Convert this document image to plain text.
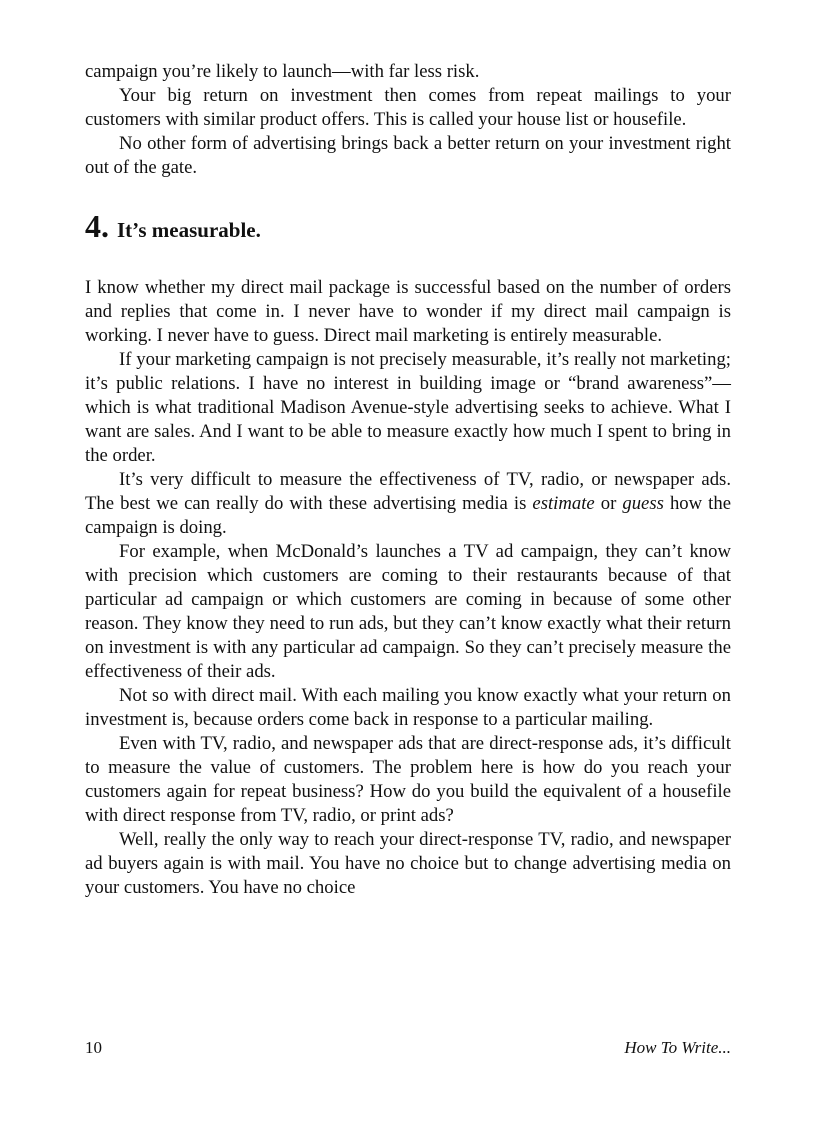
campaign you’re likely to launch—with far less risk.

Your big return on investment then comes from repeat mailings to your customers with similar product offers. This is called your house list or housefile.

No other form of advertising brings back a better return on your investment right out of the gate.

4. It’s measurable.

I know whether my direct mail package is successful based on the number of orders and replies that come in. I never have to wonder if my direct mail campaign is working. I never have to guess. Direct mail marketing is entirely measurable.

If your marketing campaign is not precisely measurable, it’s really not marketing; it’s public relations. I have no interest in building image or “brand awareness”—which is what traditional Madison Avenue-style advertising seeks to achieve. What I want are sales. And I want to be able to measure exactly how much I spent to bring in the order.

It’s very difficult to measure the effectiveness of TV, radio, or newspaper ads. The best we can really do with these advertising media is estimate or guess how the campaign is doing.

For example, when McDonald’s launches a TV ad campaign, they can’t know with precision which customers are coming to their restaurants because of that particular ad campaign or which customers are coming in because of some other reason. They know they need to run ads, but they can’t know exactly what their return on investment is with any particular ad campaign. So they can’t precisely measure the effectiveness of their ads.

Not so with direct mail. With each mailing you know exactly what your return on investment is, because orders come back in response to a particular mailing.

Even with TV, radio, and newspaper ads that are direct-response ads, it’s difficult to measure the value of customers. The problem here is how do you reach your customers again for repeat business? How do you build the equivalent of a housefile with direct response from TV, radio, or print ads?

Well, really the only way to reach your direct-response TV, radio, and newspaper ad buyers again is with mail. You have no choice but to change advertising media on your customers. You have no choice

10	How To Write...
